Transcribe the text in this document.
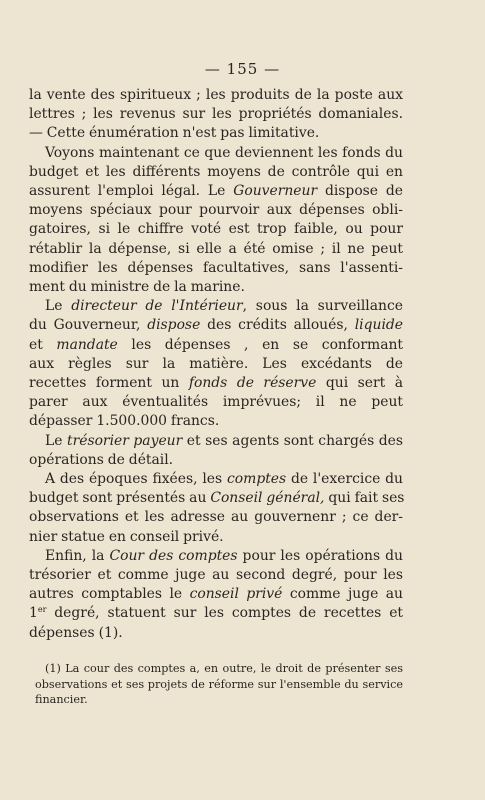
— 155 —
la vente des spiritueux ; les produits de la poste aux
lettres ; les revenus sur les propriétés domaniales.
— Cette énumération n'est pas limitative.
Voyons maintenant ce que deviennent les fonds du
budget et les différents moyens de contrôle qui en
assurent l'emploi légal. Le Gouverneur dispose de
moyens spéciaux pour pourvoir aux dépenses obli-
gatoires, si le chiffre voté est trop faible, ou pour
rétablir la dépense, si elle a été omise ; il ne peut
modifier les dépenses facultatives, sans l'assenti-
ment du ministre de la marine.
Le directeur de l'Intérieur, sous la surveillance
du Gouverneur, dispose des crédits alloués, liquide
et mandate les dépenses , en se conformant
aux règles sur la matière. Les excédants de
recettes forment un fonds de réserve qui sert à
parer aux éventualités imprévues; il ne peut
dépasser 1.500.000 francs.
Le trésorier payeur et ses agents sont chargés des
opérations de détail.
A des époques fixées, les comptes de l'exercice du
budget sont présentés au Conseil général, qui fait ses
observations et les adresse au gouvernenr ; ce der-
nier statue en conseil privé.
Enfin, la Cour des comptes pour les opérations du
trésorier et comme juge au second degré, pour les
autres comptables le conseil privé comme juge au
1er degré, statuent sur les comptes de recettes et
dépenses (1).
(1) La cour des comptes a, en outre, le droit de présenter ses
observations et ses projets de réforme sur l'ensemble du service
financier.
